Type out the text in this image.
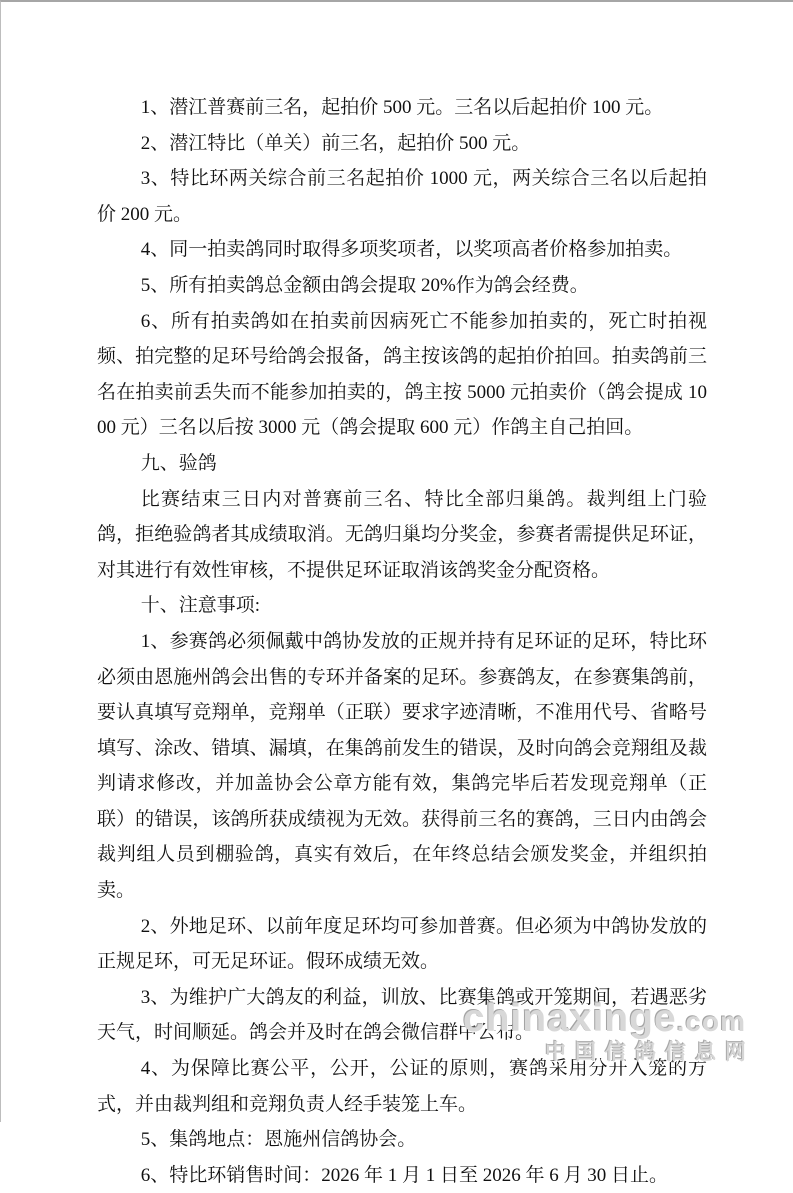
1、潜江普赛前三名，起拍价 500 元。三名以后起拍价 100 元。

2、潜江特比（单关）前三名，起拍价 500 元。

3、特比环两关综合前三名起拍价 1000 元，两关综合三名以后起拍价 200 元。

4、同一拍卖鸽同时取得多项奖项者，以奖项高者价格参加拍卖。

5、所有拍卖鸽总金额由鸽会提取 20%作为鸽会经费。

6、所有拍卖鸽如在拍卖前因病死亡不能参加拍卖的，死亡时拍视频、拍完整的足环号给鸽会报备，鸽主按该鸽的起拍价拍回。拍卖鸽前三名在拍卖前丢失而不能参加拍卖的，鸽主按 5000 元拍卖价（鸽会提成 1000 元）三名以后按 3000 元（鸽会提取 600 元）作鸽主自己拍回。

九、验鸽

比赛结束三日内对普赛前三名、特比全部归巢鸽。裁判组上门验鸽，拒绝验鸽者其成绩取消。无鸽归巢均分奖金，参赛者需提供足环证，对其进行有效性审核，不提供足环证取消该鸽奖金分配资格。

十、注意事项:

1、参赛鸽必须佩戴中鸽协发放的正规并持有足环证的足环，特比环必须由恩施州鸽会出售的专环并备案的足环。参赛鸽友，在参赛集鸽前，要认真填写竞翔单，竞翔单（正联）要求字迹清晰，不准用代号、省略号填写、涂改、错填、漏填，在集鸽前发生的错误，及时向鸽会竞翔组及裁判请求修改，并加盖协会公章方能有效，集鸽完毕后若发现竞翔单（正联）的错误，该鸽所获成绩视为无效。获得前三名的赛鸽，三日内由鸽会裁判组人员到棚验鸽，真实有效后，在年终总结会颁发奖金，并组织拍卖。

2、外地足环、以前年度足环均可参加普赛。但必须为中鸽协发放的正规足环，可无足环证。假环成绩无效。

3、为维护广大鸽友的利益，训放、比赛集鸽或开笼期间，若遇恶劣天气，时间顺延。鸽会并及时在鸽会微信群中公布。

4、为保障比赛公平，公开，公证的原则，赛鸽采用分开入笼的方式，并由裁判组和竞翔负责人经手装笼上车。

5、集鸽地点：恩施州信鸽协会。

6、特比环销售时间：2026 年 1 月 1 日至 2026 年 6 月 30 日止。

chinaxinge.com
中国信鸽信息网
